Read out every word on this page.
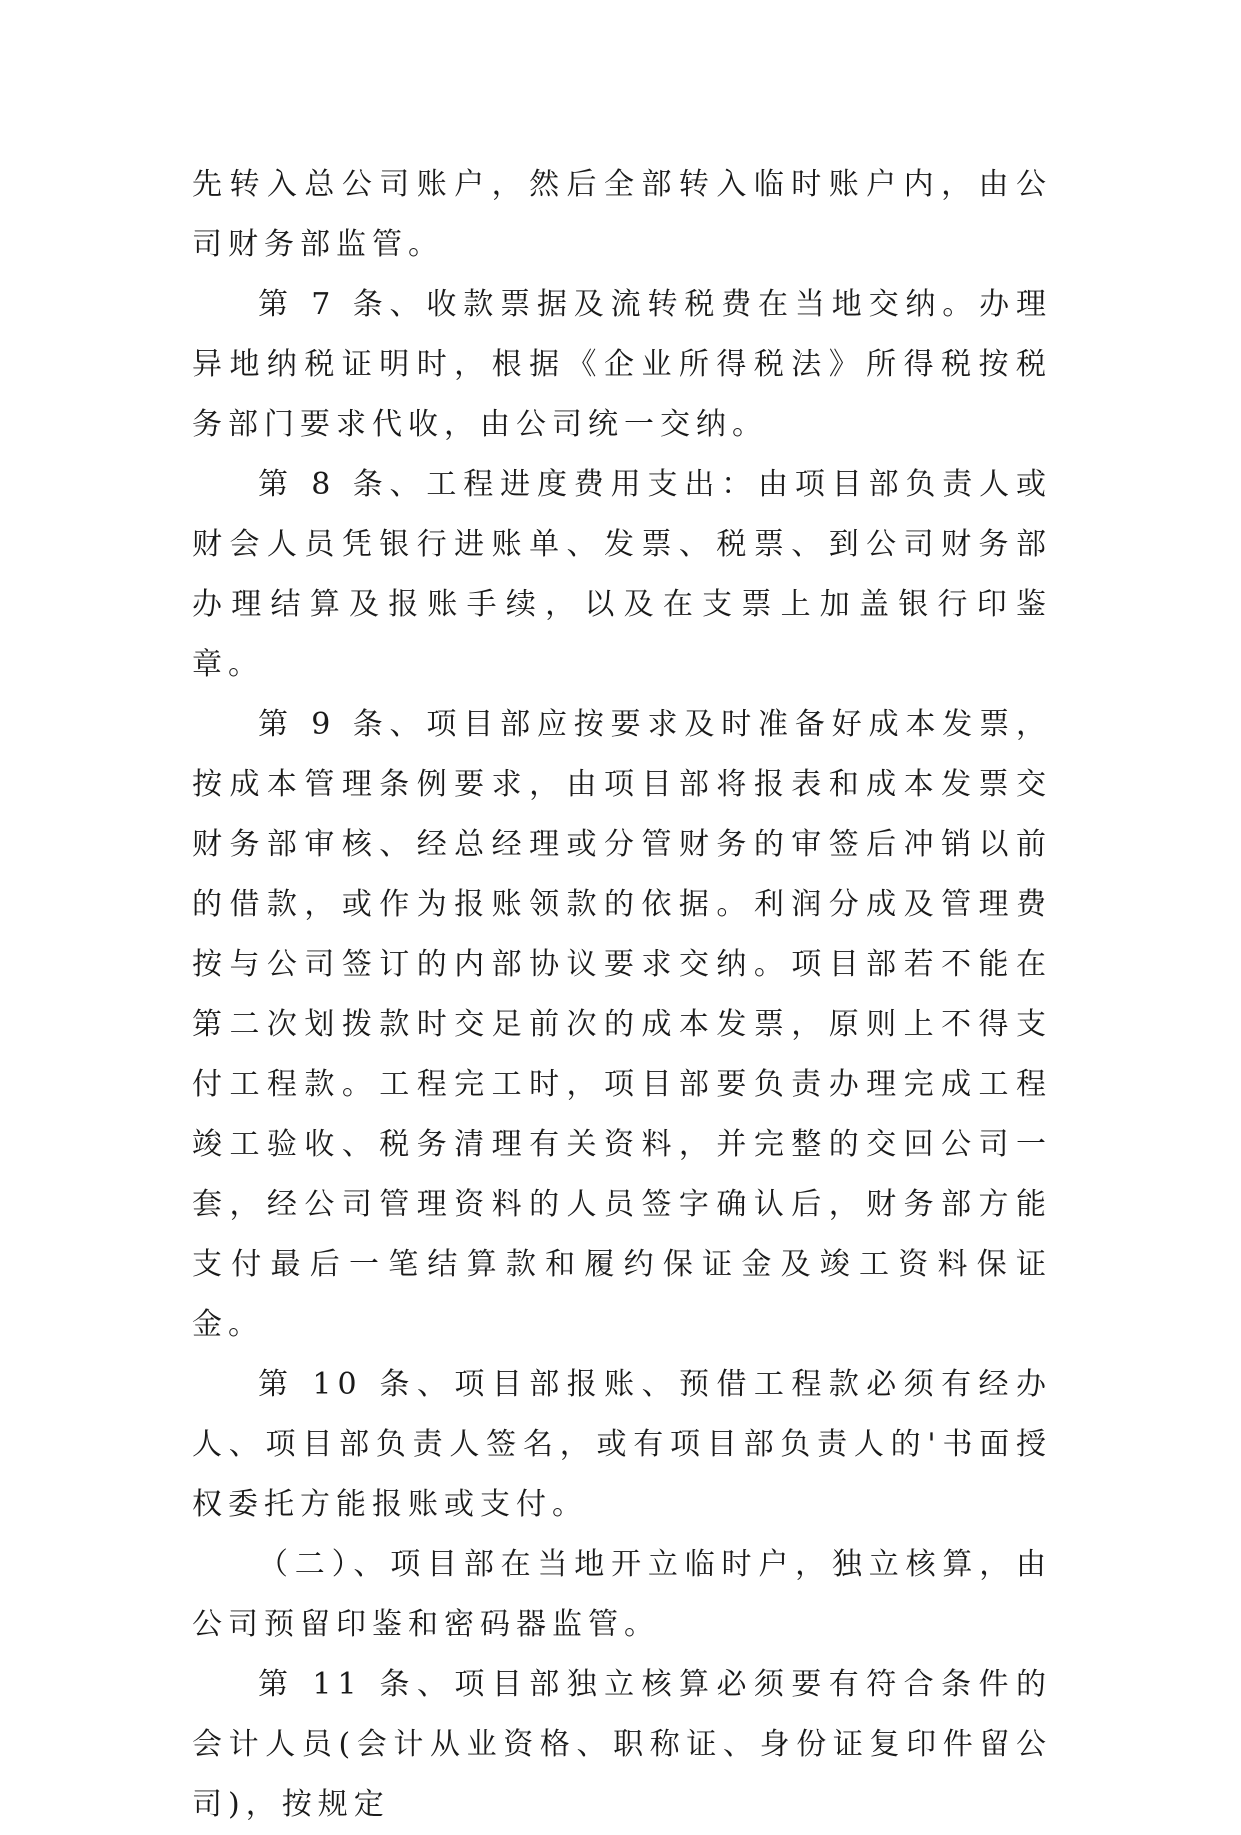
先转入总公司账户，然后全部转入临时账户内，由公司财务部监管。

第 7 条、收款票据及流转税费在当地交纳。办理异地纳税证明时，根据《企业所得税法》所得税按税务部门要求代收，由公司统一交纳。

第 8 条、工程进度费用支出：由项目部负责人或财会人员凭银行进账单、发票、税票、到公司财务部办理结算及报账手续，以及在支票上加盖银行印鉴章。

第 9 条、项目部应按要求及时准备好成本发票，按成本管理条例要求，由项目部将报表和成本发票交财务部审核、经总经理或分管财务的审签后冲销以前的借款，或作为报账领款的依据。利润分成及管理费按与公司签订的内部协议要求交纳。项目部若不能在第二次划拨款时交足前次的成本发票，原则上不得支付工程款。工程完工时，项目部要负责办理完成工程竣工验收、税务清理有关资料，并完整的交回公司一套，经公司管理资料的人员签字确认后，财务部方能支付最后一笔结算款和履约保证金及竣工资料保证金。

第 10 条、项目部报账、预借工程款必须有经办人、项目部负责人签名，或有项目部负责人的'书面授权委托方能报账或支付。

（二）、项目部在当地开立临时户，独立核算，由公司预留印鉴和密码器监管。

第 11 条、项目部独立核算必须要有符合条件的会计人员(会计从业资格、职称证、身份证复印件留公司)，按规定
